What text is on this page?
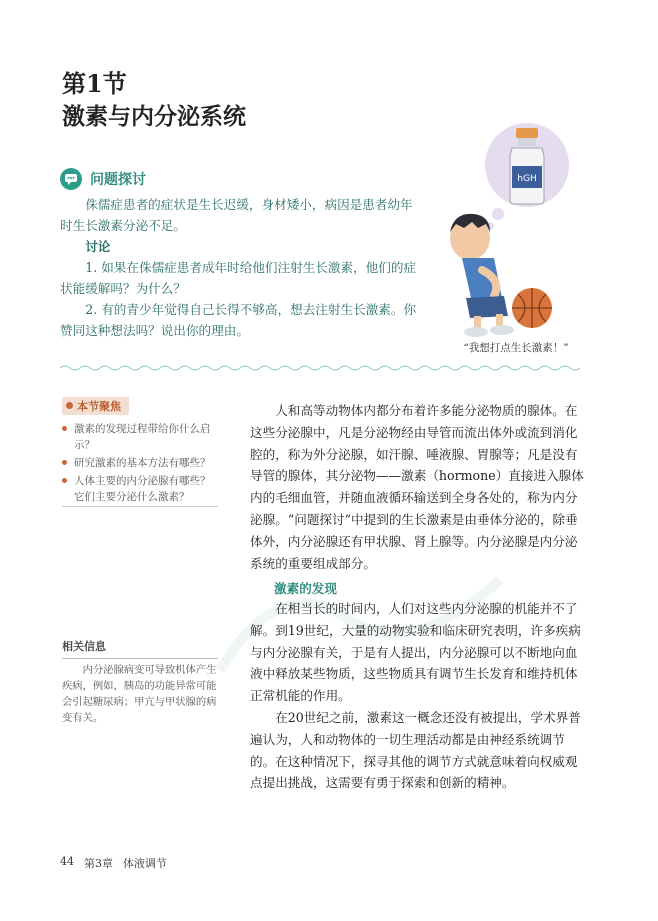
第1节
激素与内分泌系统
问题探讨

侏儒症患者的症状是生长迟缓，身材矮小，病因是患者幼年时生长激素分泌不足。

讨论

1. 如果在侏儒症患者成年时给他们注射生长激素，他们的症状能缓解吗？为什么？

2. 有的青少年觉得自己长得不够高，想去注射生长激素。你赞同这种想法吗？说出你的理由。

hGH
“我想打点生长激素！”
本节聚焦
激素的发现过程带给你什么启示？
研究激素的基本方法有哪些？
人体主要的内分泌腺有哪些？它们主要分泌什么激素？

人和高等动物体内都分布着许多能分泌物质的腺体。在这些分泌腺中，凡是分泌物经由导管而流出体外或流到消化腔的，称为外分泌腺，如汗腺、唾液腺、胃腺等；凡是没有导管的腺体，其分泌物——激素（hormone）直接进入腺体内的毛细血管，并随血液循环输送到全身各处的，称为内分泌腺。“问题探讨”中提到的生长激素是由垂体分泌的，除垂体外，内分泌腺还有甲状腺、肾上腺等。内分泌腺是内分泌系统的重要组成部分。

激素的发现

在相当长的时间内，人们对这些内分泌腺的机能并不了解。到19世纪，大量的动物实验和临床研究表明，许多疾病与内分泌腺有关，于是有人提出，内分泌腺可以不断地向血液中释放某些物质，这些物质具有调节生长发育和维持机体正常机能的作用。

在20世纪之前，激素这一概念还没有被提出，学术界普遍认为，人和动物体的一切生理活动都是由神经系统调节的。在这种情况下，探寻其他的调节方式就意味着向权威观点提出挑战，这需要有勇于探索和创新的精神。

相关信息

内分泌腺病变可导致机体产生疾病，例如，胰岛的功能异常可能会引起糖尿病；甲亢与甲状腺的病变有关。

44 第3章 体液调节
